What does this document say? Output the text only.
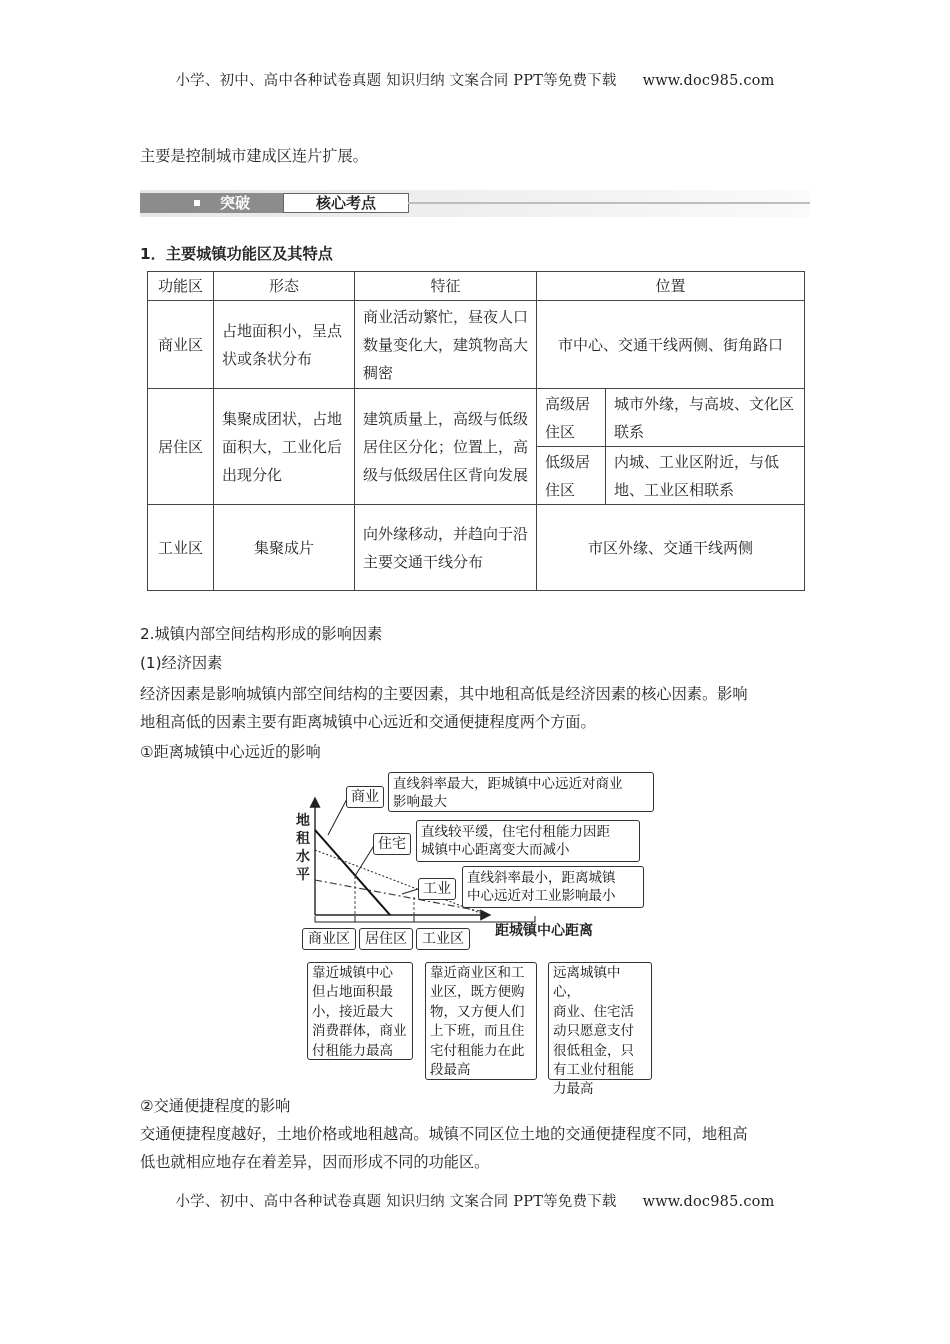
小学、初中、高中各种试卷真题 知识归纳 文案合同 PPT等免费下载 www.doc985.com
主要是控制城市建成区连片扩展。
突破	核心考点
1．主要城镇功能区及其特点
功能区	形态	特征	位置	
商业区	占地面积小，呈点状或条状分布	商业活动繁忙，昼夜人口数量变化大，建筑物高大稠密	市中心、交通干线两侧、街角路口	
居住区	集聚成团状，占地面积大，工业化后出现分化	建筑质量上，高级与低级居住区分化；位置上，高级与低级居住区背向发展	高级居住区	城市外缘，与高坡、文化区联系
			低级居住区	内城、工业区附近，与低地、工业区相联系
工业区	集聚成片	向外缘移动，并趋向于沿主要交通干线分布	市区外缘、交通干线两侧	
2.城镇内部空间结构形成的影响因素
(1)经济因素
经济因素是影响城镇内部空间结构的主要因素，其中地租高低是经济因素的核心因素。影响
地租高低的因素主要有距离城镇中心远近和交通便捷程度两个方面。
①距离城镇中心远近的影响
地
租
水
平
距城镇中心距离
商业
直线斜率最大，距城镇中心远近对商业
影响最大
住宅
直线较平缓，住宅付租能力因距
城镇中心距离变大而减小
工业
直线斜率最小，距离城镇
中心远近对工业影响最小
商业区	居住区	工业区
靠近城镇中心
但占地面积最
小，接近最大
消费群体，商业
付租能力最高
靠近商业区和工
业区，既方便购
物，又方便人们
上下班，而且住
宅付租能力在此
段最高
远离城镇中心，
商业、住宅活
动只愿意支付
很低租金，只
有工业付租能
力最高
②交通便捷程度的影响
交通便捷程度越好，土地价格或地租越高。城镇不同区位土地的交通便捷程度不同，地租高
低也就相应地存在着差异，因而形成不同的功能区。
小学、初中、高中各种试卷真题 知识归纳 文案合同 PPT等免费下载 www.doc985.com
